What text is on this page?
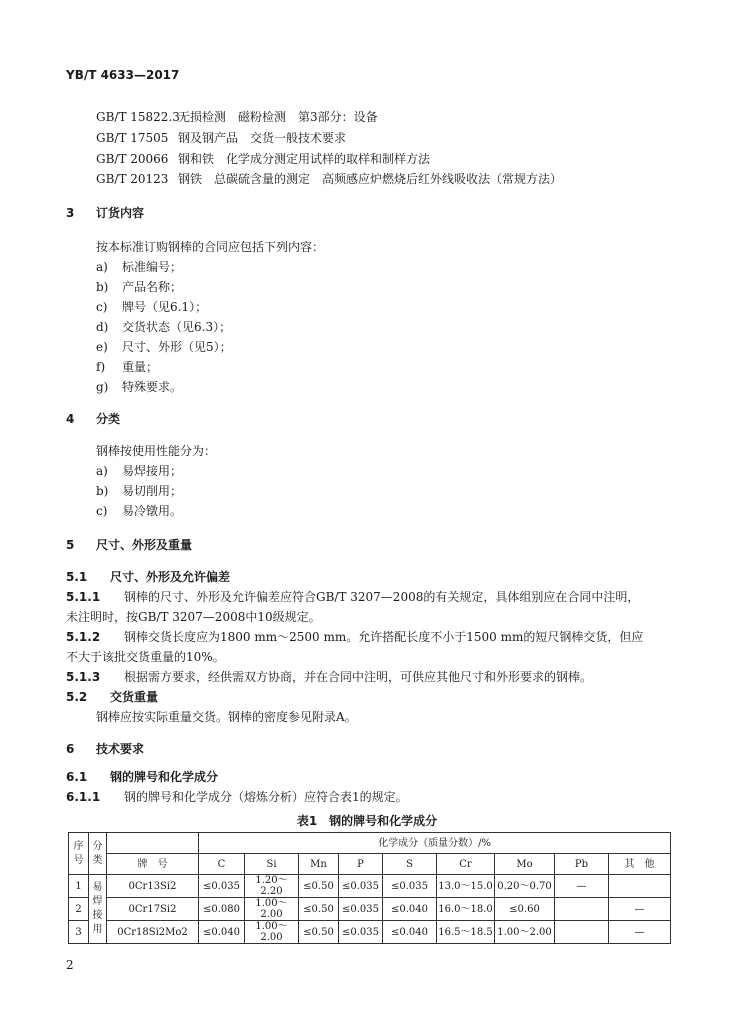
YB/T 4633—2017
GB/T 15822.3无损检测　磁粉检测　第3部分：设备
GB/T 17505 钢及钢产品　交货一般技术要求
GB/T 20066 钢和铁　化学成分测定用试样的取样和制样方法
GB/T 20123 钢铁　总碳硫含量的测定　高频感应炉燃烧后红外线吸收法（常规方法）
3 订货内容
按本标准订购钢棒的合同应包括下列内容：
a) 标准编号；
b) 产品名称；
c) 牌号（见6.1）；
d) 交货状态（见6.3）；
e) 尺寸、外形（见5）；
f) 重量；
g) 特殊要求。
4 分类
钢棒按使用性能分为：
a) 易焊接用；
b) 易切削用；
c) 易冷镦用。
5 尺寸、外形及重量
5.1 尺寸、外形及允许偏差
5.1.1 钢棒的尺寸、外形及允许偏差应符合GB/T 3207—2008的有关规定，具体组别应在合同中注明，
未注明时，按GB/T 3207—2008中10级规定。
5.1.2 钢棒交货长度应为1800 mm～2500 mm。允许搭配长度不小于1500 mm的短尺钢棒交货，但应
不大于该批交货重量的10%。
5.1.3 根据需方要求，经供需双方协商，并在合同中注明，可供应其他尺寸和外形要求的钢棒。
5.2 交货重量
钢棒应按实际重量交货。钢棒的密度参见附录A。
6 技术要求
6.1 钢的牌号和化学成分
6.1.1 钢的牌号和化学成分（熔炼分析）应符合表1的规定。
表1　钢的牌号和化学成分
序号	分类		化学成分（质量分数）/%								
		牌　号	C	Si	Mn	P	S	Cr	Mo	Pb	其　他
1	易
焊
接
用	0Cr13Si2	≤0.035	1.20～2.20	≤0.50	≤0.035	≤0.035	13.0～15.0	0.20～0.70	—	
2		0Cr17Si2	≤0.080	1.00～2.00	≤0.50	≤0.035	≤0.040	16.0～18.0	≤0.60		—
3		0Cr18Si2Mo2	≤0.040	1.00～2.00	≤0.50	≤0.035	≤0.040	16.5～18.5	1.00～2.00		—
2
